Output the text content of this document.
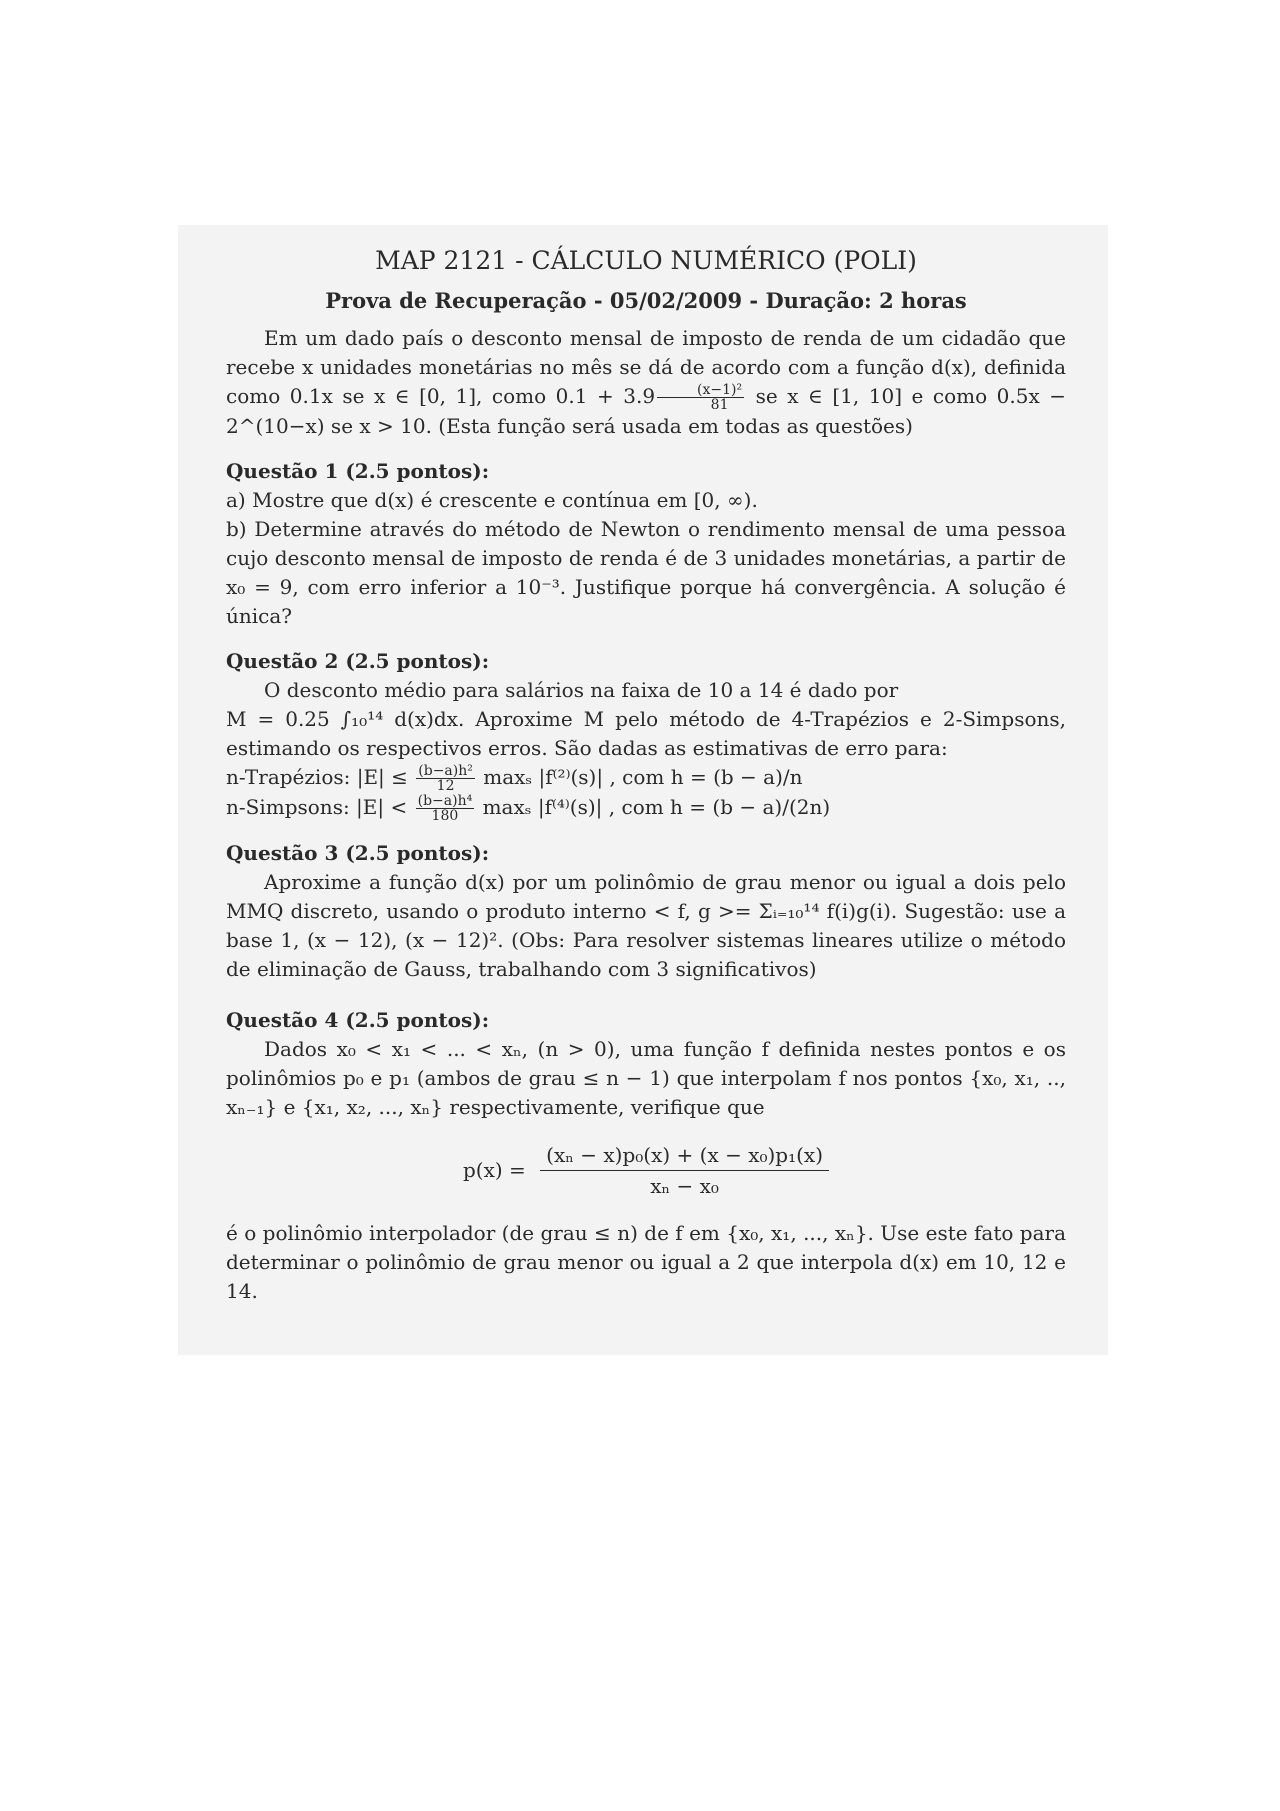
MAP 2121 - CÁLCULO NUMÉRICO (POLI)
Prova de Recuperação - 05/02/2009 - Duração: 2 horas

Em um dado país o desconto mensal de imposto de renda de um cidadão que recebe x unidades monetárias no mês se dá de acordo com a função d(x), definida como 0.1x se x ∈ [0, 1], como $0.1 + 3.9 \frac{\text{(x−1)²}}{81}$ se x ∈ [1, 10] e como 0.5x − 2^(10−x) se x > 10. (Esta função será usada em todas as questões)

Questão 1 (2.5 pontos):

a) Mostre que d(x) é crescente e contínua em [0, ∞).

b) Determine através do método de Newton o rendimento mensal de uma pessoa cujo desconto mensal de imposto de renda é de 3 unidades monetárias, a partir de x₀ = 9, com erro inferior a 10⁻³. Justifique porque há convergência. A solução é única?

Questão 2 (2.5 pontos):

O desconto médio para salários na faixa de 10 a 14 é dado por

M = 0.25 ∫₁₀¹⁴ d(x)dx. Aproxime M pelo método de 4-Trapézios e 2-Simpsons, estimando os respectivos erros. São dadas as estimativas de erro para:

n-Trapézios: $|E| \le \frac{\text{(b−a)h²}}{12}$ maxₛ |f⁽²⁾(s)| , com h = (b − a)/n

n-Simpsons: $|E| < \frac{\text{(b−a)h⁴}}{180}$ maxₛ |f⁽⁴⁾(s)| , com h = (b − a)/(2n)

Questão 3 (2.5 pontos):

Aproxime a função d(x) por um polinômio de grau menor ou igual a dois pelo MMQ discreto, usando o produto interno < f, g >= Σᵢ₌₁₀¹⁴ f(i)g(i). Sugestão: use a base 1, (x − 12), (x − 12)². (Obs: Para resolver sistemas lineares utilize o método de eliminação de Gauss, trabalhando com 3 significativos)

Questão 4 (2.5 pontos):

Dados x₀ < x₁ < ... < xₙ, (n > 0), uma função f definida nestes pontos e os polinômios p₀ e p₁ (ambos de grau ≤ n − 1) que interpolam f nos pontos {x₀, x₁, .., xₙ₋₁} e {x₁, x₂, ..., xₙ} respectivamente, verifique que

$p(x) = \frac{\text{(xₙ − x)p₀(x) + (x − x₀)p₁(x)}}{\text{xₙ − x₀}}$

é o polinômio interpolador (de grau ≤ n) de f em {x₀, x₁, ..., xₙ}. Use este fato para determinar o polinômio de grau menor ou igual a 2 que interpola d(x) em 10, 12 e 14.
